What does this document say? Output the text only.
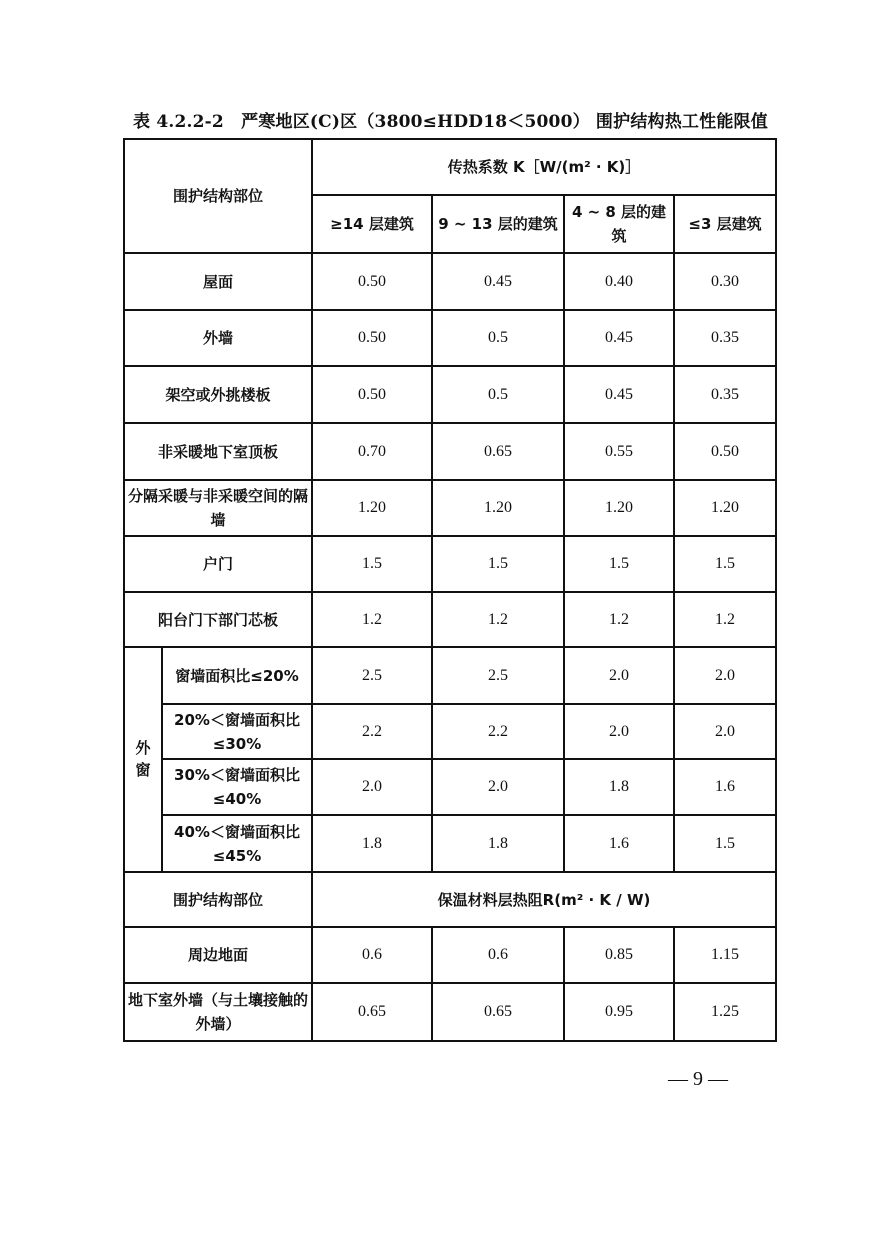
表 4.2.2-2　严寒地区(C)区（3800≤HDD18＜5000） 围护结构热工性能限值
围护结构部位		传热系数 K［W/(m² · K)］			
		≥14 层建筑	9 ~ 13 层的建筑	4 ~ 8 层的建筑	≤3 层建筑
屋面		0.50	0.45	0.40	0.30
外墙		0.50	0.5	0.45	0.35
架空或外挑楼板		0.50	0.5	0.45	0.35
非采暖地下室顶板		0.70	0.65	0.55	0.50
分隔采暖与非采暖空间的隔墙		1.20	1.20	1.20	1.20
户门		1.5	1.5	1.5	1.5
阳台门下部门芯板		1.2	1.2	1.2	1.2
外窗	窗墙面积比≤20%	2.5	2.5	2.0	2.0
	20%＜窗墙面积比≤30%	2.2	2.2	2.0	2.0
	30%＜窗墙面积比≤40%	2.0	2.0	1.8	1.6
	40%＜窗墙面积比≤45%	1.8	1.8	1.6	1.5
围护结构部位		保温材料层热阻R(m² · K / W)			
周边地面		0.6	0.6	0.85	1.15
地下室外墙（与土壤接触的外墙）		0.65	0.65	0.95	1.25
— 9 —
